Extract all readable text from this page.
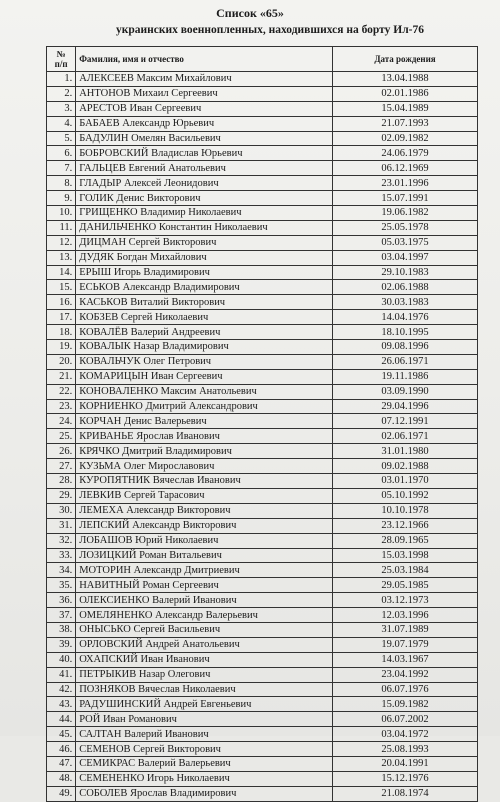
Список «65»
украинских военнопленных, находившихся на борту Ил-76
№
п/п	Фамилия, имя и отчество	Дата рождения
1.	АЛЕКСЕЕВ Максим Михайлович	13.04.1988
2.	АНТОНОВ Михаил Сергеевич	02.01.1986
3.	АРЕСТОВ Иван Сергеевич	15.04.1989
4.	БАБАЕВ Александр Юрьевич	21.07.1993
5.	БАДУЛИН Омелян Васильевич	02.09.1982
6.	БОБРОВСКИЙ Владислав Юрьевич	24.06.1979
7.	ГАЛЬЦЕВ Евгений Анатольевич	06.12.1969
8.	ГЛАДЫР Алексей Леонидович	23.01.1996
9.	ГОЛИК Денис Викторович	15.07.1991
10.	ГРИЩЕНКО Владимир Николаевич	19.06.1982
11.	ДАНИЛЬЧЕНКО Константин Николаевич	25.05.1978
12.	ДИЦМАН Сергей Викторович	05.03.1975
13.	ДУДЯК Богдан Михайлович	03.04.1997
14.	ЕРЫШ Игорь Владимирович	29.10.1983
15.	ЕСЬКОВ Александр Владимирович	02.06.1988
16.	КАСЬКОВ Виталий Викторович	30.03.1983
17.	КОБЗЕВ Сергей Николаевич	14.04.1976
18.	КОВАЛЁВ Валерий Андреевич	18.10.1995
19.	КОВАЛЫК Назар Владимирович	09.08.1996
20.	КОВАЛЬЧУК Олег Петрович	26.06.1971
21.	КОМАРИЦЫН Иван Сергеевич	19.11.1986
22.	КОНОВАЛЕНКО Максим Анатольевич	03.09.1990
23.	КОРНИЕНКО Дмитрий Александрович	29.04.1996
24.	КОРЧАН Денис Валерьевич	07.12.1991
25.	КРИВАНЬЕ Ярослав Иванович	02.06.1971
26.	КРЯЧКО Дмитрий Владимирович	31.01.1980
27.	КУЗЬМА Олег Мирославович	09.02.1988
28.	КУРОПЯТНИК Вячеслав Иванович	03.01.1970
29.	ЛЕВКИВ Сергей Тарасович	05.10.1992
30.	ЛЕМЕХА Александр Викторович	10.10.1978
31.	ЛЕПСКИЙ Александр Викторович	23.12.1966
32.	ЛОБАШОВ Юрий Николаевич	28.09.1965
33.	ЛОЗИЦКИЙ Роман Витальевич	15.03.1998
34.	МОТОРИН Александр Дмитриевич	25.03.1984
35.	НАВИТНЫЙ Роман Сергеевич	29.05.1985
36.	ОЛЕКСИЕНКО Валерий Иванович	03.12.1973
37.	ОМЕЛЯНЕНКО Александр Валерьевич	12.03.1996
38.	ОНЫСЬКО Сергей Васильевич	31.07.1989
39.	ОРЛОВСКИЙ Андрей Анатольевич	19.07.1979
40.	ОХАПСКИЙ Иван Иванович	14.03.1967
41.	ПЕТРЫКИВ Назар Олегович	23.04.1992
42.	ПОЗНЯКОВ Вячеслав Николаевич	06.07.1976
43.	РАДУШИНСКИЙ Андрей Евгеньевич	15.09.1982
44.	РОЙ Иван Романович	06.07.2002
45.	САЛТАН Валерий Иванович	03.04.1972
46.	СЕМЕНОВ Сергей Викторович	25.08.1993
47.	СЕМИКРАС Валерий Валерьевич	20.04.1991
48.	СЕМЕНЕНКО Игорь Николаевич	15.12.1976
49.	СОБОЛЕВ Ярослав Владимирович	21.08.1974
